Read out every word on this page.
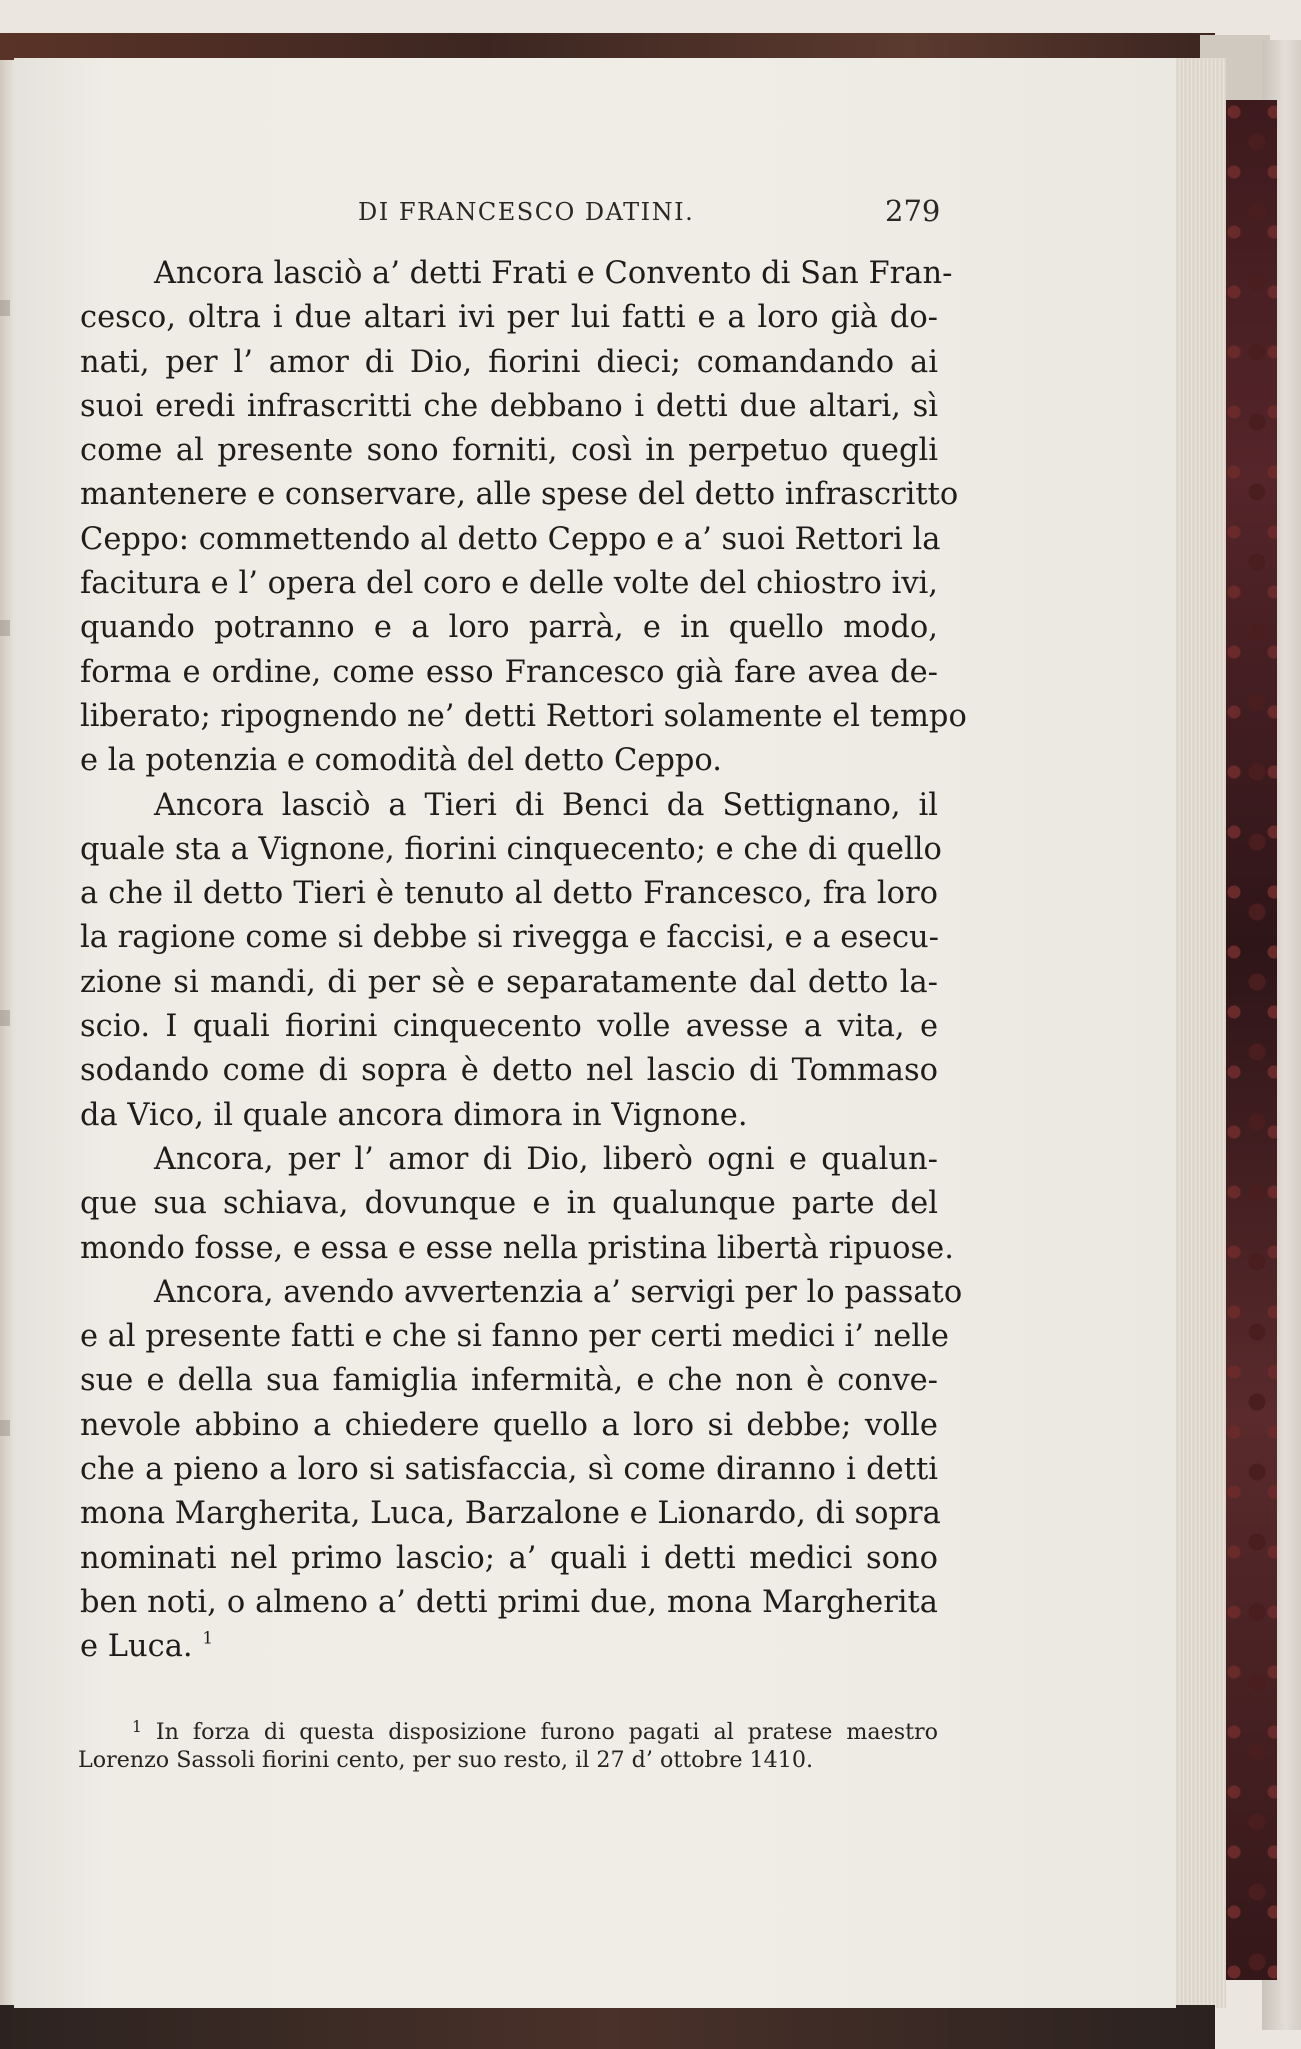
DI FRANCESCO DATINI.	279
Ancora lasciò a’ detti Frati e Convento di San Fran-
cesco, oltra i due altari ivi per lui fatti e a loro già do-
nati, per l’ amor di Dio, fiorini dieci; comandando ai
suoi eredi infrascritti che debbano i detti due altari, sì
come al presente sono forniti, così in perpetuo quegli
mantenere e conservare, alle spese del detto infrascritto
Ceppo: commettendo al detto Ceppo e a’ suoi Rettori la
facitura e l’ opera del coro e delle volte del chiostro ivi,
quando potranno e a loro parrà, e in quello modo,
forma e ordine, come esso Francesco già fare avea de-
liberato; ripognendo ne’ detti Rettori solamente el tempo
e la potenzia e comodità del detto Ceppo.
Ancora lasciò a Tieri di Benci da Settignano, il
quale sta a Vignone, fiorini cinquecento; e che di quello
a che il detto Tieri è tenuto al detto Francesco, fra loro
la ragione come si debbe si rivegga e faccisi, e a esecu-
zione si mandi, di per sè e separatamente dal detto la-
scio. I quali fiorini cinquecento volle avesse a vita, e
sodando come di sopra è detto nel lascio di Tommaso
da Vico, il quale ancora dimora in Vignone.
Ancora, per l’ amor di Dio, liberò ogni e qualun-
que sua schiava, dovunque e in qualunque parte del
mondo fosse, e essa e esse nella pristina libertà ripuose.
Ancora, avendo avvertenzia a’ servigi per lo passato
e al presente fatti e che si fanno per certi medici i’ nelle
sue e della sua famiglia infermità, e che non è conve-
nevole abbino a chiedere quello a loro si debbe; volle
che a pieno a loro si satisfaccia, sì come diranno i detti
mona Margherita, Luca, Barzalone e Lionardo, di sopra
nominati nel primo lascio; a’ quali i detti medici sono
ben noti, o almeno a’ detti primi due, mona Margherita
e Luca. $^1$
$^1$ In forza di questa disposizione furono pagati al pratese maestro
Lorenzo Sassoli fiorini cento, per suo resto, il 27 d’ ottobre 1410.
